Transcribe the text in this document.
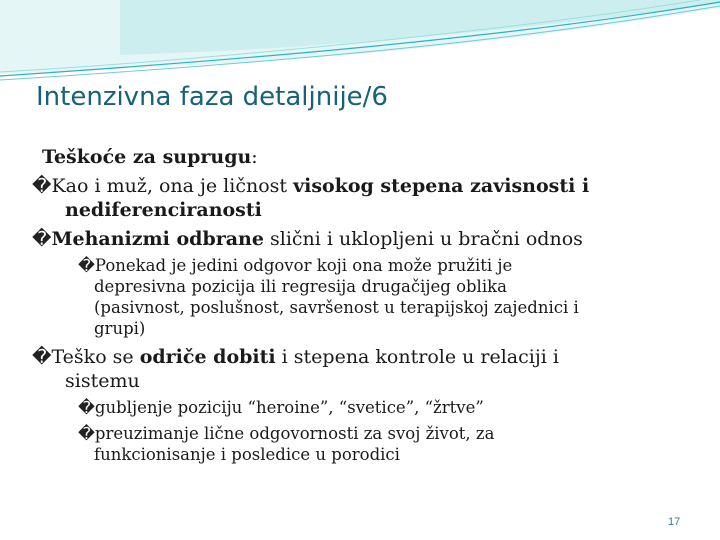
Intenzivna faza detaljnije/6
Teškoće za suprugu:
�Kao i muž, ona je ličnost visokog stepena zavisnosti i
nediferenciranosti
�Mehanizmi odbrane slični i uklopljeni u bračni odnos
�Ponekad je jedini odgovor koji ona može pružiti je
depresivna pozicija ili regresija drugačijeg oblika
(pasivnost, poslušnost, savršenost u terapijskoj zajednici i
grupi)
�Teško se odriče dobiti i stepena kontrole u relaciji i
sistemu
�gubljenje poziciju “heroine”, “svetice”, “žrtve”
�preuzimanje lične odgovornosti za svoj život, za
funkcionisanje i posledice u porodici
17
